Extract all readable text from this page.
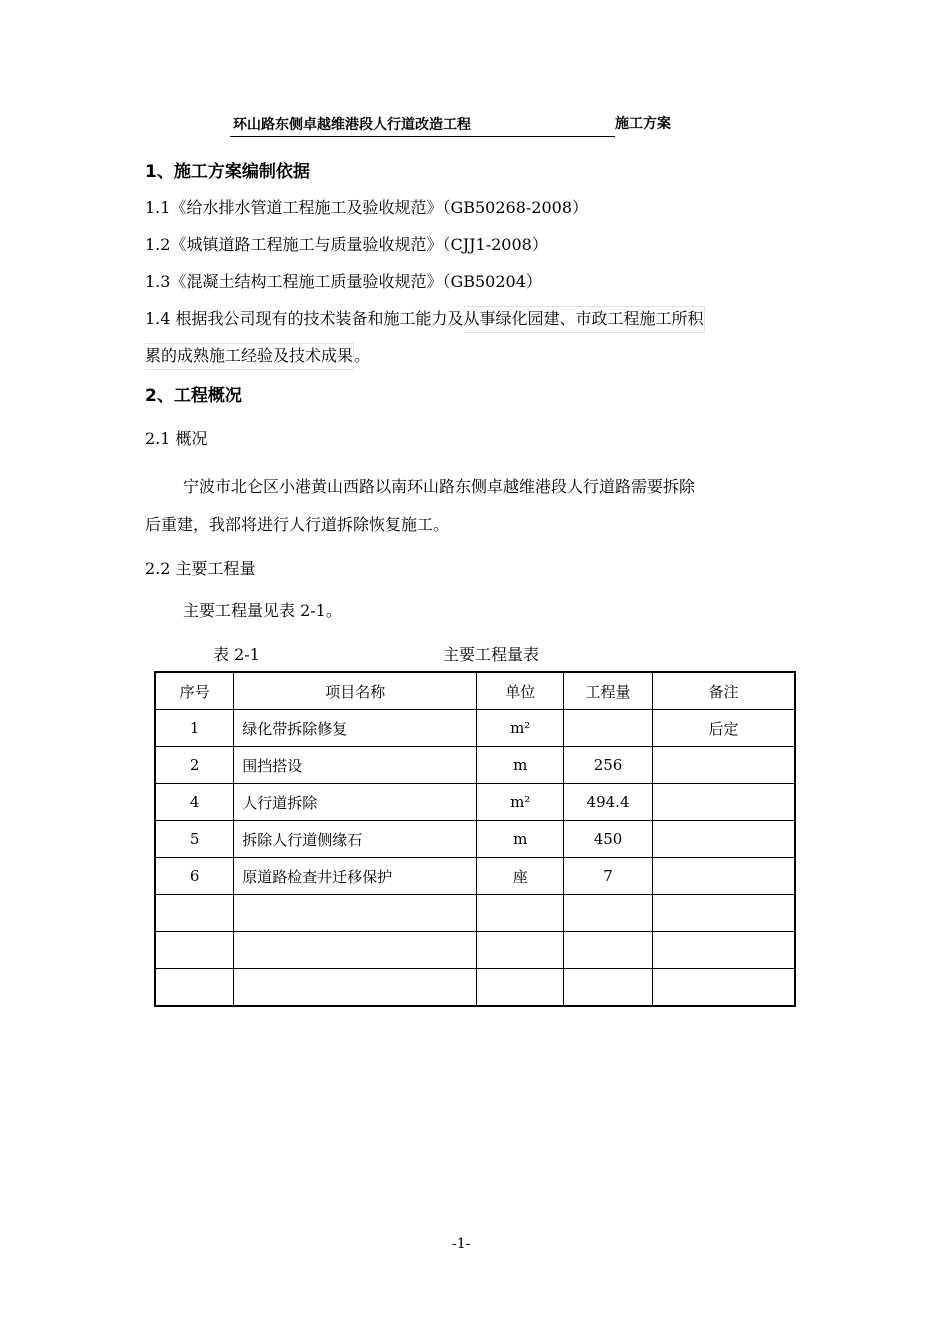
环山路东侧卓越维港段人行道改造工程	施工方案
1、施工方案编制依据
1.1《给水排水管道工程施工及验收规范》（GB50268-2008）
1.2《城镇道路工程施工与质量验收规范》（CJJ1-2008）
1.3《混凝土结构工程施工质量验收规范》（GB50204）
1.4 根据我公司现有的技术装备和施工能力及从事绿化园建、市政工程施工所积
累的成熟施工经验及技术成果。
2、工程概况
2.1 概况
宁波市北仑区小港黄山西路以南环山路东侧卓越维港段人行道路需要拆除
后重建，我部将进行人行道拆除恢复施工。
2.2 主要工程量
主要工程量见表 2-1。
表 2-1	主要工程量表
序号	项目名称	单位	工程量	备注
1	绿化带拆除修复	m²		后定
2	围挡搭设	m	256	
4	人行道拆除	m²	494.4	
5	拆除人行道侧缘石	m	450	
6	原道路检查井迁移保护	座	7	

-1-
